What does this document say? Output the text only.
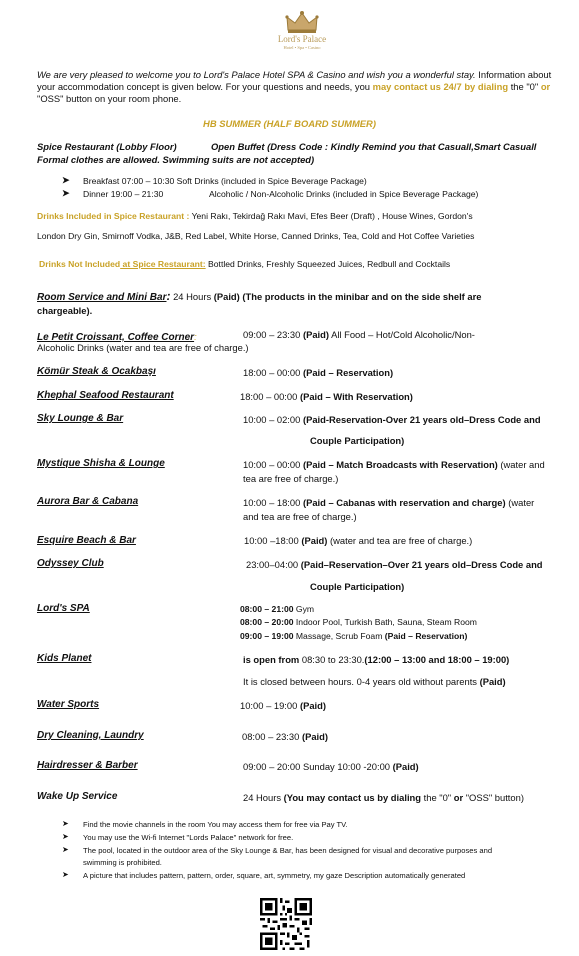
Lord's Palace
Hotel • Spa • Casino
We are very pleased to welcome you to Lord's Palace Hotel SPA & Casino and wish you a wonderful stay. Information about your accommodation concept is given below. For your questions and needs, you may contact us 24/7 by dialing the "0" or "OSS" button on your room phone.
HB SUMMER (HALF BOARD SUMMER)
Spice Restaurant (Lobby Floor)	Open Buffet (Dress Code : Kindly Remind you that Casuall,Smart Casuall
Formal clothes are allowed. Swimming suits are not accepted)
➤ Breakfast 07:00 – 10:30 Soft Drinks (included in Spice Beverage Package)
➤ Dinner 19:00 – 21:30	Alcoholic / Non-Alcoholic Drinks (included in Spice Beverage Package)
Drinks Included in Spice Restaurant : Yeni Rakı, Tekirdağ Rakı Mavi, Efes Beer (Draft) , House Wines, Gordon's
London Dry Gin, Smirnoff Vodka, J&B, Red Label, White Horse, Canned Drinks, Tea, Cold and Hot Coffee Varieties
Drinks Not Included at Spice Restaurant: Bottled Drinks, Freshly Squeezed Juices, Redbull and Cocktails
Room Service and Mini Bar: 24 Hours (Paid) (The products in the minibar and on the side shelf are
chargeable).
Le Petit Croissant, Coffee Corner:	09:00 – 23:30 (Paid) All Food – Hot/Cold Alcoholic/Non-
Alcoholic Drinks (water and tea are free of charge.)
Kömür Steak & Ocakbaşı	18:00 – 00:00 (Paid – Reservation)
Khephal Seafood Restaurant	18:00 – 00:00 (Paid – With Reservation)
Sky Lounge & Bar	10:00 – 02:00 (Paid-Reservation-Over 21 years old–Dress Code and
Couple Participation)
Mystique Shisha & Lounge	10:00 – 00:00 (Paid – Match Broadcasts with Reservation) (water and
tea are free of charge.)
Aurora Bar & Cabana	10:00 – 18:00 (Paid – Cabanas with reservation and charge) (water
and tea are free of charge.)
Esquire Beach & Bar	10:00 –18:00 (Paid) (water and tea are free of charge.)
Odyssey Club	23:00–04:00 (Paid–Reservation–Over 21 years old–Dress Code and
Couple Participation)
Lord's SPA	08:00 – 21:00 Gym
08:00 – 20:00 Indoor Pool, Turkish Bath, Sauna, Steam Room
09:00 – 19:00 Massage, Scrub Foam (Paid – Reservation)
Kids Planet	is open from 08:30 to 23:30.(12:00 – 13:00 and 18:00 – 19:00)
It is closed between hours. 0-4 years old without parents (Paid)
Water Sports	10:00 – 19:00 (Paid)
Dry Cleaning, Laundry	08:00 – 23:30 (Paid)
Hairdresser & Barber	09:00 – 20:00 Sunday 10:00 -20:00 (Paid)
Wake Up Service	24 Hours (You may contact us by dialing the "0" or "OSS" button)
➤ Find the movie channels in the room You may access them for free via Pay TV.
➤ You may use the Wi-fi Internet "Lords Palace" network for free.
➤ The pool, located in the outdoor area of the Sky Lounge & Bar, has been designed for visual and decorative purposes and
swimming is prohibited.
➤ A picture that includes pattern, pattern, order, square, art, symmetry, my gaze Description automatically generated
